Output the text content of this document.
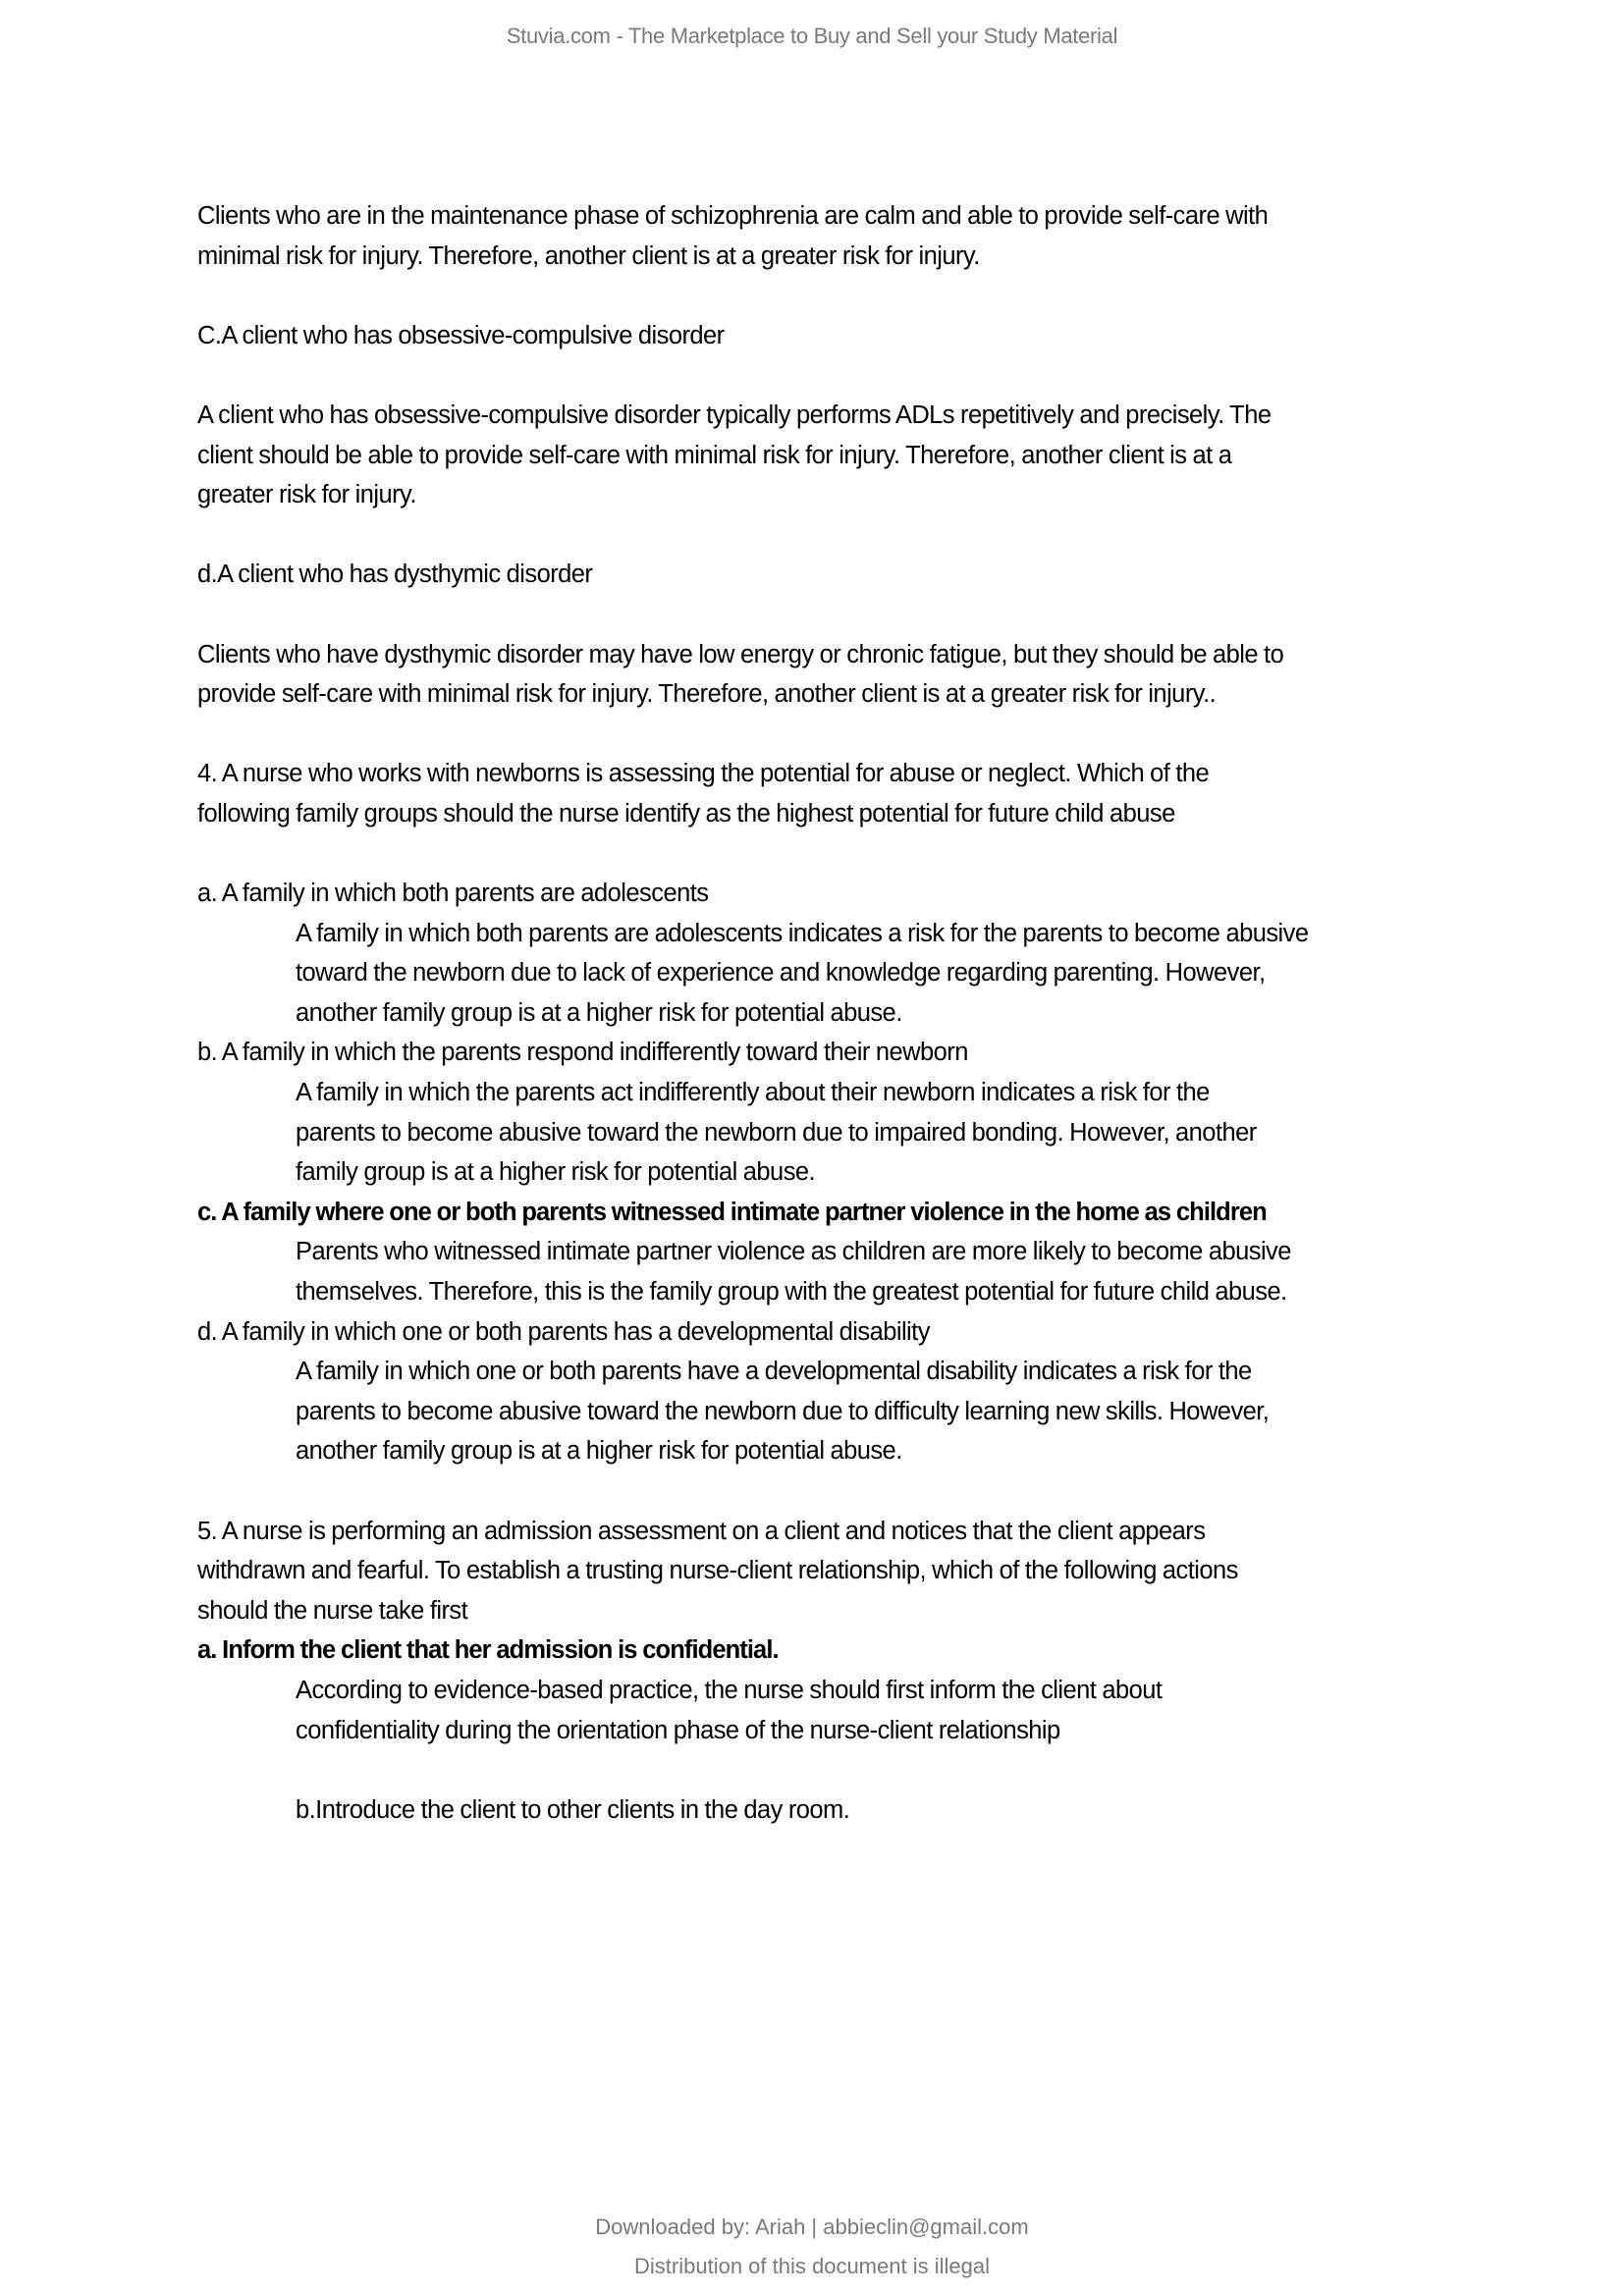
Stuvia.com - The Marketplace to Buy and Sell your Study Material
Clients who are in the maintenance phase of schizophrenia are calm and able to provide self-care with
minimal risk for injury. Therefore, another client is at a greater risk for injury.
C.A client who has obsessive-compulsive disorder
A client who has obsessive-compulsive disorder typically performs ADLs repetitively and precisely. The
client should be able to provide self-care with minimal risk for injury. Therefore, another client is at a
greater risk for injury.
d.A client who has dysthymic disorder
Clients who have dysthymic disorder may have low energy or chronic fatigue, but they should be able to
provide self-care with minimal risk for injury. Therefore, another client is at a greater risk for injury..
4. A nurse who works with newborns is assessing the potential for abuse or neglect. Which of the
following family groups should the nurse identify as the highest potential for future child abuse
a. A family in which both parents are adolescents
A family in which both parents are adolescents indicates a risk for the parents to become abusive
toward the newborn due to lack of experience and knowledge regarding parenting. However,
another family group is at a higher risk for potential abuse.
b. A family in which the parents respond indifferently toward their newborn
A family in which the parents act indifferently about their newborn indicates a risk for the
parents to become abusive toward the newborn due to impaired bonding. However, another
family group is at a higher risk for potential abuse.
c. A family where one or both parents witnessed intimate partner violence in the home as children
Parents who witnessed intimate partner violence as children are more likely to become abusive
themselves. Therefore, this is the family group with the greatest potential for future child abuse.
d. A family in which one or both parents has a developmental disability
A family in which one or both parents have a developmental disability indicates a risk for the
parents to become abusive toward the newborn due to difficulty learning new skills. However,
another family group is at a higher risk for potential abuse.
5. A nurse is performing an admission assessment on a client and notices that the client appears
withdrawn and fearful. To establish a trusting nurse-client relationship, which of the following actions
should the nurse take first
a. Inform the client that her admission is confidential.
According to evidence-based practice, the nurse should first inform the client about
confidentiality during the orientation phase of the nurse-client relationship
b.Introduce the client to other clients in the day room.
Downloaded by: Ariah | abbieclin@gmail.com
Distribution of this document is illegal
